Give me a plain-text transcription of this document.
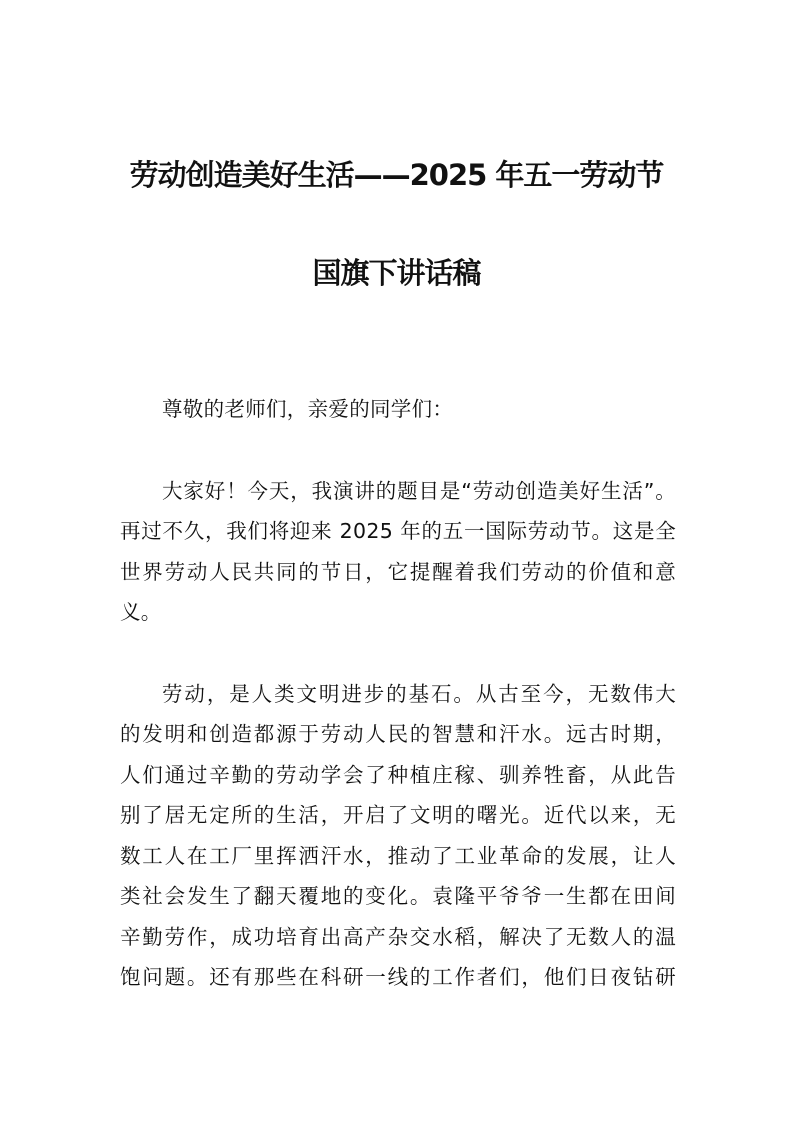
劳动创造美好生活——2025 年五一劳动节
国旗下讲话稿
尊敬的老师们，亲爱的同学们：
大家好！今天，我演讲的题目是“劳动创造美好生活”。
再过不久，我们将迎来 2025 年的五一国际劳动节。这是全
世界劳动人民共同的节日，它提醒着我们劳动的价值和意
义。
劳动，是人类文明进步的基石。从古至今，无数伟大
的发明和创造都源于劳动人民的智慧和汗水。远古时期，
人们通过辛勤的劳动学会了种植庄稼、驯养牲畜，从此告
别了居无定所的生活，开启了文明的曙光。近代以来，无
数工人在工厂里挥洒汗水，推动了工业革命的发展，让人
类社会发生了翻天覆地的变化。袁隆平爷爷一生都在田间
辛勤劳作，成功培育出高产杂交水稻，解决了无数人的温
饱问题。还有那些在科研一线的工作者们，他们日夜钻研
